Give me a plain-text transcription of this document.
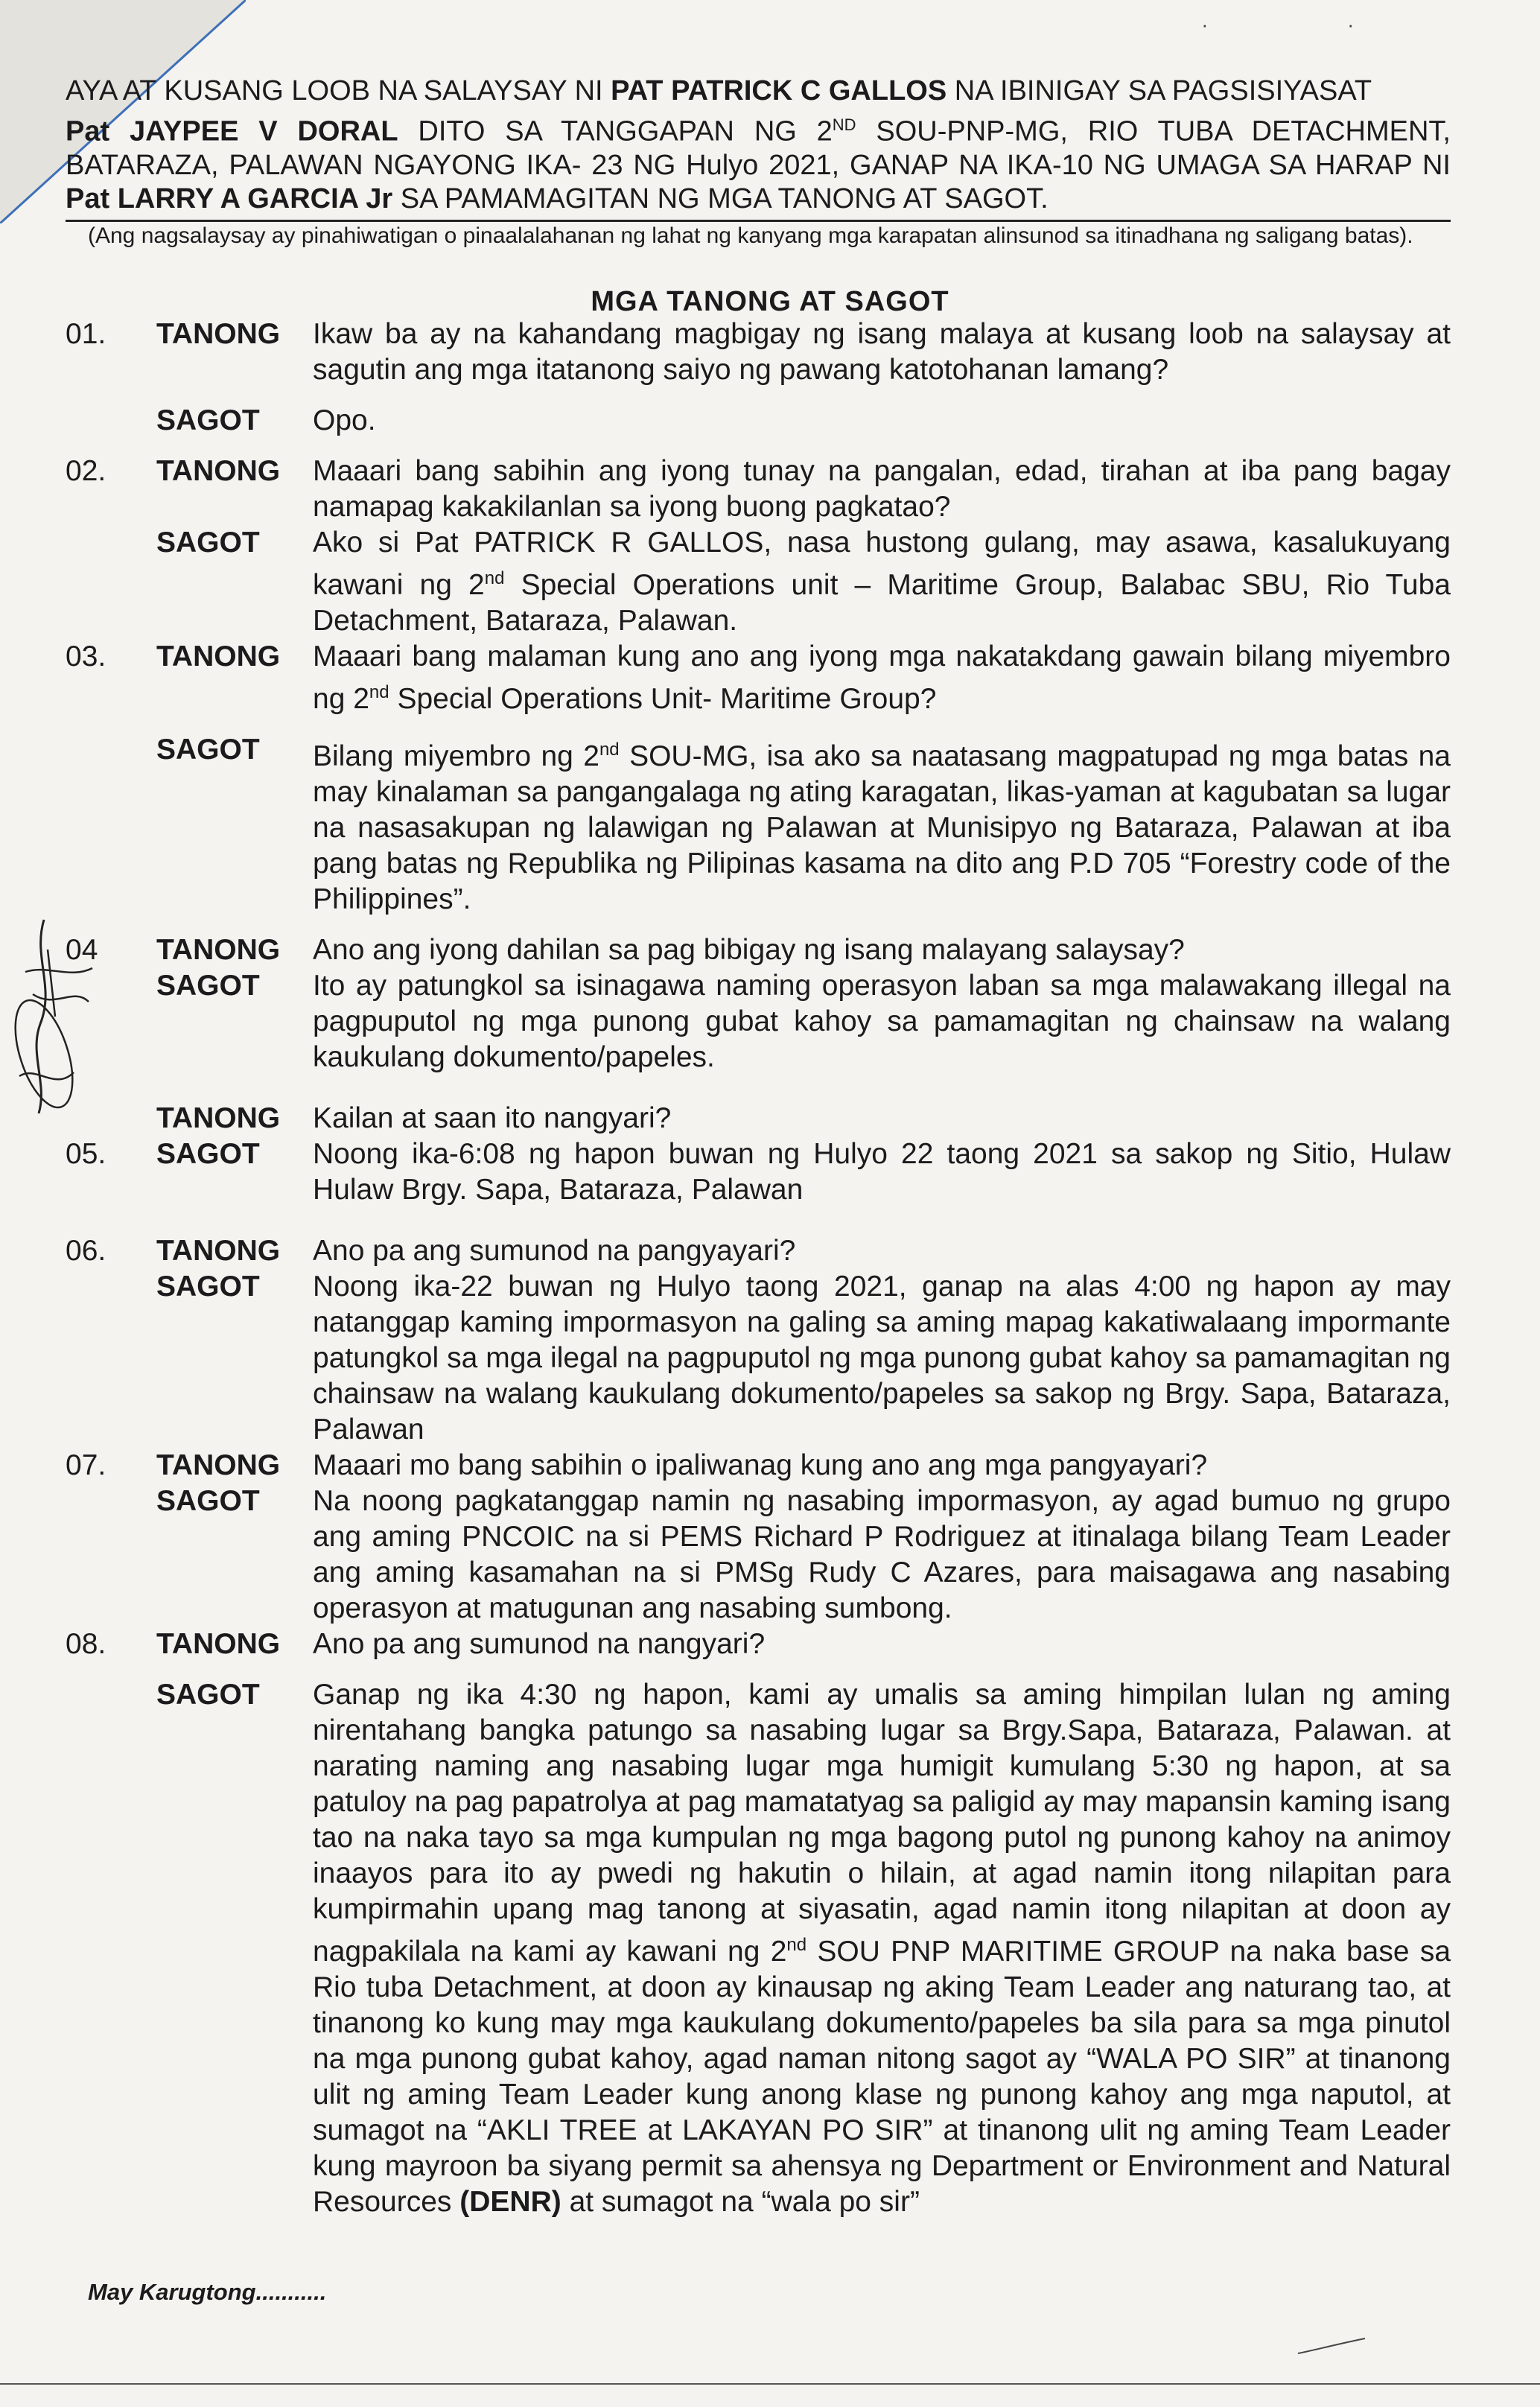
· ·
AYA AT KUSANG LOOB NA SALAYSAY NI PAT PATRICK C GALLOS NA IBINIGAY SA PAGSISIYASAT
Pat JAYPEE V DORAL DITO SA TANGGAPAN NG 2ND SOU-PNP-MG, RIO TUBA DETACHMENT, BATARAZA, PALAWAN NGAYONG IKA- 23 NG Hulyo 2021, GANAP NA IKA-10 NG UMAGA SA HARAP NI Pat LARRY A GARCIA Jr SA PAMAMAGITAN NG MGA TANONG AT SAGOT.
(Ang nagsalaysay ay pinahiwatigan o pinaalalahanan ng lahat ng kanyang mga karapatan alinsunod sa itinadhana ng saligang batas).
MGA TANONG AT SAGOT
01.	TANONG	Ikaw ba ay na kahandang magbigay ng isang malaya at kusang loob na salaysay at sagutin ang mga itatanong saiyo ng pawang katotohanan lamang?
SAGOT	Opo.
02.	TANONG	Maaari bang sabihin ang iyong tunay na pangalan, edad, tirahan at iba pang bagay namapag kakakilanlan sa iyong buong pagkatao?
SAGOT	Ako si Pat PATRICK R GALLOS, nasa hustong gulang, may asawa, kasalukuyang kawani ng 2nd Special Operations unit – Maritime Group, Balabac SBU, Rio Tuba Detachment, Bataraza, Palawan.
03.	TANONG	Maaari bang malaman kung ano ang iyong mga nakatakdang gawain bilang miyembro ng 2nd Special Operations Unit- Maritime Group?
SAGOT	Bilang miyembro ng 2nd SOU-MG, isa ako sa naatasang magpatupad ng mga batas na may kinalaman sa pangangalaga ng ating karagatan, likas-yaman at kagubatan sa lugar na nasasakupan ng lalawigan ng Palawan at Munisipyo ng Bataraza, Palawan at iba pang batas ng Republika ng Pilipinas kasama na dito ang P.D 705 “Forestry code of the Philippines”.
04	TANONG	Ano ang iyong dahilan sa pag bibigay ng isang malayang salaysay?
SAGOT	Ito ay patungkol sa isinagawa naming operasyon laban sa mga malawakang illegal na pagpuputol ng mga punong gubat kahoy sa pamamagitan ng chainsaw na walang kaukulang dokumento/papeles.
TANONG	Kailan at saan ito nangyari?
05.	SAGOT	Noong ika-6:08 ng hapon buwan ng Hulyo 22 taong 2021 sa sakop ng Sitio, Hulaw Hulaw Brgy. Sapa, Bataraza, Palawan
06.	TANONG	Ano pa ang sumunod na pangyayari?
SAGOT	Noong ika-22 buwan ng Hulyo taong 2021, ganap na alas 4:00 ng hapon ay may natanggap kaming impormasyon na galing sa aming mapag kakatiwalaang impormante patungkol sa mga ilegal na pagpuputol ng mga punong gubat kahoy sa pamamagitan ng chainsaw na walang kaukulang dokumento/papeles sa sakop ng Brgy. Sapa, Bataraza, Palawan
07.	TANONG	Maaari mo bang sabihin o ipaliwanag kung ano ang mga pangyayari?
SAGOT	Na noong pagkatanggap namin ng nasabing impormasyon, ay agad bumuo ng grupo ang aming PNCOIC na si PEMS Richard P Rodriguez at itinalaga bilang Team Leader ang aming kasamahan na si PMSg Rudy C Azares, para maisagawa ang nasabing operasyon at matugunan ang nasabing sumbong.
08.	TANONG	Ano pa ang sumunod na nangyari?
SAGOT	Ganap ng ika 4:30 ng hapon, kami ay umalis sa aming himpilan lulan ng aming nirentahang bangka patungo sa nasabing lugar sa Brgy.Sapa, Bataraza, Palawan. at narating naming ang nasabing lugar mga humigit kumulang 5:30 ng hapon, at sa patuloy na pag papatrolya at pag mamatatyag sa paligid ay may mapansin kaming isang tao na naka tayo sa mga kumpulan ng mga bagong putol ng punong kahoy na animoy inaayos para ito ay pwedi ng hakutin o hilain, at agad namin itong nilapitan para kumpirmahin upang mag tanong at siyasatin, agad namin itong nilapitan at doon ay nagpakilala na kami ay kawani ng 2nd SOU PNP MARITIME GROUP na naka base sa Rio tuba Detachment, at doon ay kinausap ng aking Team Leader ang naturang tao, at tinanong ko kung may mga kaukulang dokumento/papeles ba sila para sa mga pinutol na mga punong gubat kahoy, agad naman nitong sagot ay “WALA PO SIR” at tinanong ulit ng aming Team Leader kung anong klase ng punong kahoy ang mga naputol, at sumagot na “AKLI TREE at LAKAYAN PO SIR” at tinanong ulit ng aming Team Leader kung mayroon ba siyang permit sa ahensya ng Department or Environment and Natural Resources (DENR) at sumagot na “wala po sir”
May Karugtong...........
